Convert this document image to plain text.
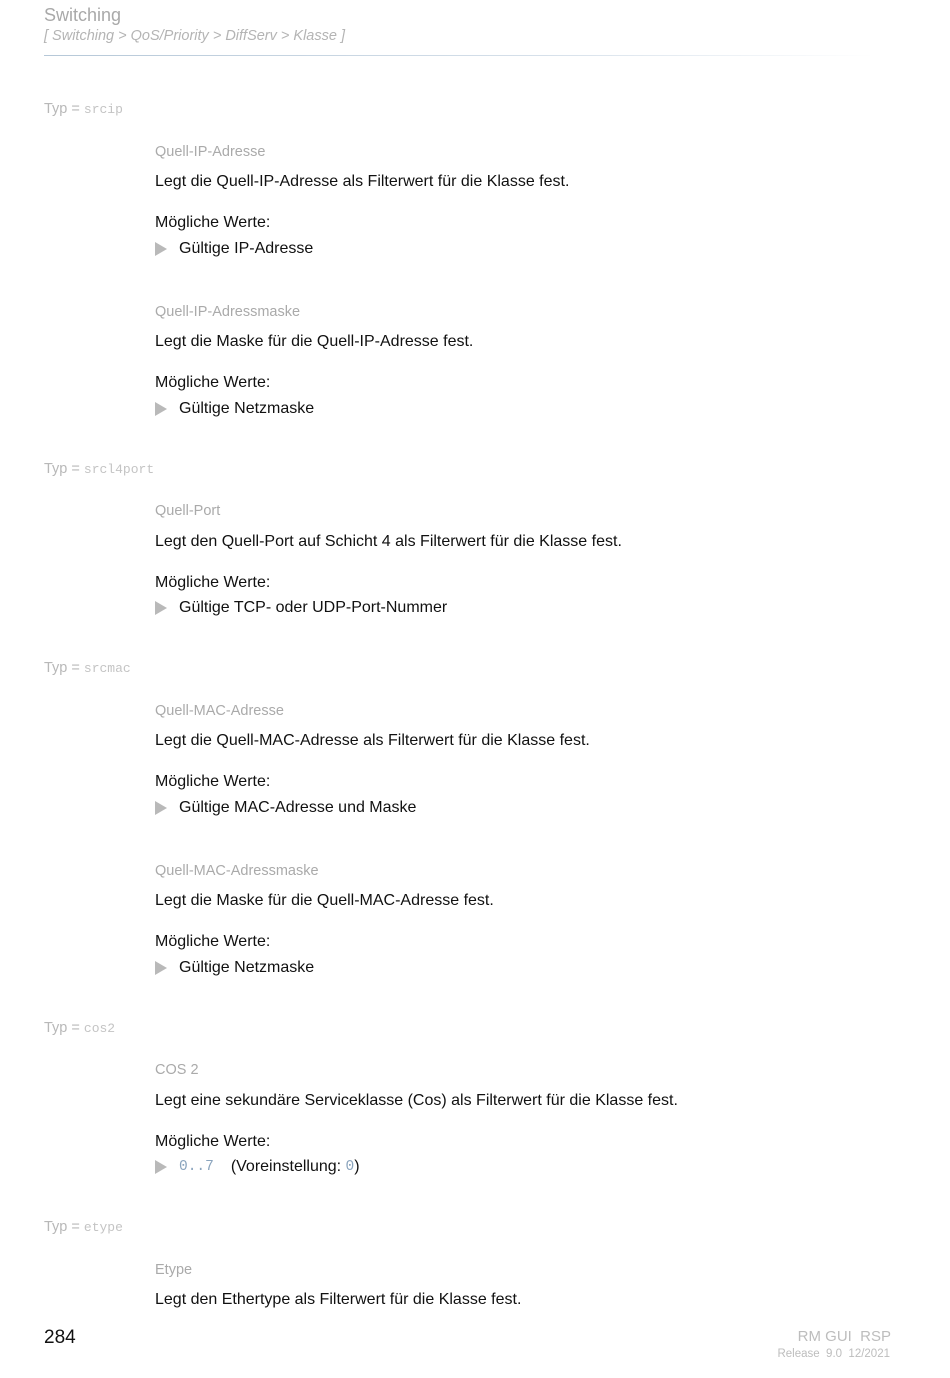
Switching
[ Switching > QoS/Priority > DiffServ > Klasse ]
Typ = srcip
Quell-IP-Adresse
Legt die Quell-IP-Adresse als Filterwert für die Klasse fest.
Mögliche Werte:
Gültige IP-Adresse
Quell-IP-Adressmaske
Legt die Maske für die Quell-IP-Adresse fest.
Mögliche Werte:
Gültige Netzmaske
Typ = srcl4port
Quell-Port
Legt den Quell-Port auf Schicht 4 als Filterwert für die Klasse fest.
Mögliche Werte:
Gültige TCP- oder UDP-Port-Nummer
Typ = srcmac
Quell-MAC-Adresse
Legt die Quell-MAC-Adresse als Filterwert für die Klasse fest.
Mögliche Werte:
Gültige MAC-Adresse und Maske
Quell-MAC-Adressmaske
Legt die Maske für die Quell-MAC-Adresse fest.
Mögliche Werte:
Gültige Netzmaske
Typ = cos2
COS 2
Legt eine sekundäre Serviceklasse (Cos) als Filterwert für die Klasse fest.
Mögliche Werte:
0..7 (Voreinstellung: 0 )
Typ = etype
Etype
Legt den Ethertype als Filterwert für die Klasse fest.
284	RM GUI  RSP
Release  9.0  12/2021
